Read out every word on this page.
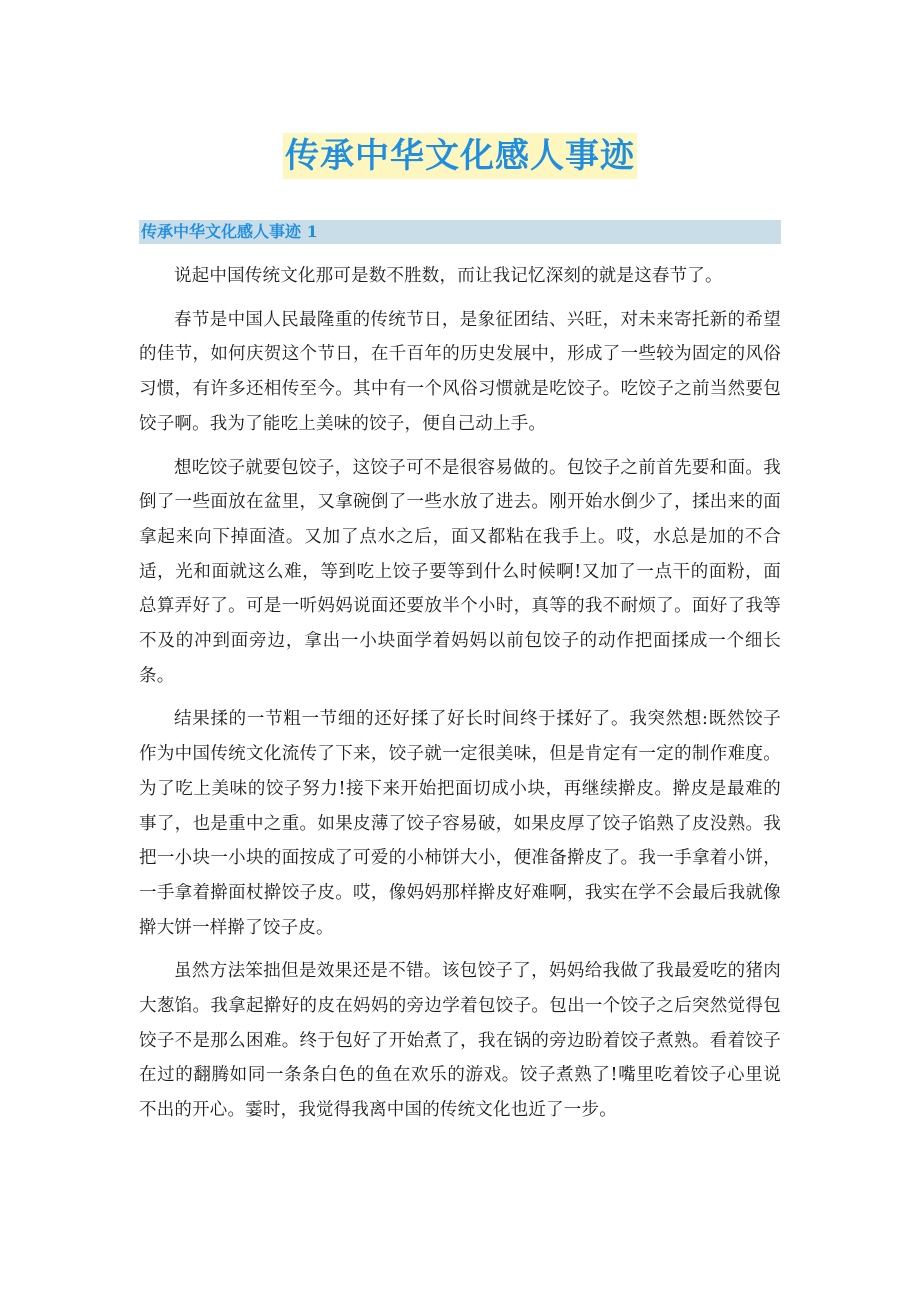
传承中华文化感人事迹
传承中华文化感人事迹 1

说起中国传统文化那可是数不胜数，而让我记忆深刻的就是这春节了。

春节是中国人民最隆重的传统节日，是象征团结、兴旺，对未来寄托新的希望的佳节，如何庆贺这个节日，在千百年的历史发展中，形成了一些较为固定的风俗习惯，有许多还相传至今。其中有一个风俗习惯就是吃饺子。吃饺子之前当然要包饺子啊。我为了能吃上美味的饺子，便自己动上手。

想吃饺子就要包饺子，这饺子可不是很容易做的。包饺子之前首先要和面。我倒了一些面放在盆里，又拿碗倒了一些水放了进去。刚开始水倒少了，揉出来的面拿起来向下掉面渣。又加了点水之后，面又都粘在我手上。哎，水总是加的不合适，光和面就这么难，等到吃上饺子要等到什么时候啊!又加了一点干的面粉，面总算弄好了。可是一听妈妈说面还要放半个小时，真等的我不耐烦了。面好了我等不及的冲到面旁边，拿出一小块面学着妈妈以前包饺子的动作把面揉成一个细长条。

结果揉的一节粗一节细的还好揉了好长时间终于揉好了。我突然想:既然饺子作为中国传统文化流传了下来，饺子就一定很美味，但是肯定有一定的制作难度。为了吃上美味的饺子努力!接下来开始把面切成小块，再继续擀皮。擀皮是最难的事了，也是重中之重。如果皮薄了饺子容易破，如果皮厚了饺子馅熟了皮没熟。我把一小块一小块的面按成了可爱的小柿饼大小，便准备擀皮了。我一手拿着小饼，一手拿着擀面杖擀饺子皮。哎，像妈妈那样擀皮好难啊，我实在学不会最后我就像擀大饼一样擀了饺子皮。

虽然方法笨拙但是效果还是不错。该包饺子了，妈妈给我做了我最爱吃的猪肉大葱馅。我拿起擀好的皮在妈妈的旁边学着包饺子。包出一个饺子之后突然觉得包饺子不是那么困难。终于包好了开始煮了，我在锅的旁边盼着饺子煮熟。看着饺子在过的翻腾如同一条条白色的鱼在欢乐的游戏。饺子煮熟了!嘴里吃着饺子心里说不出的开心。霎时，我觉得我离中国的传统文化也近了一步。
